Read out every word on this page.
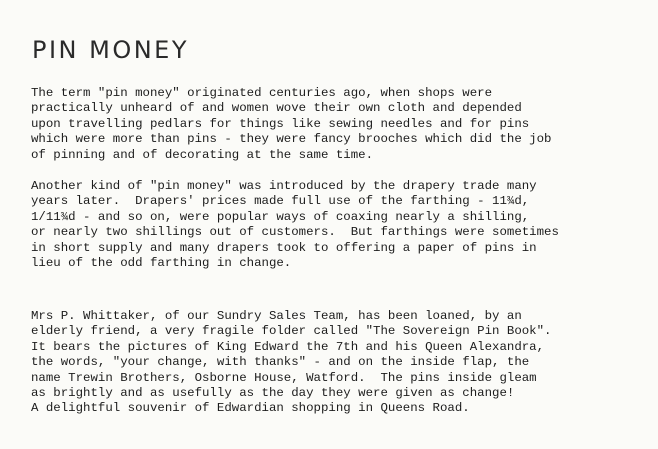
PIN MONEY

The term "pin money" originated centuries ago, when shops were
practically unheard of and women wove their own cloth and depended
upon travelling pedlars for things like sewing needles and for pins
which were more than pins - they were fancy brooches which did the job
of pinning and of decorating at the same time.

Another kind of "pin money" was introduced by the drapery trade many
years later.  Drapers' prices made full use of the farthing - 11¾d,
1/11¾d - and so on, were popular ways of coaxing nearly a shilling,
or nearly two shillings out of customers.  But farthings were sometimes
in short supply and many drapers took to offering a paper of pins in
lieu of the odd farthing in change.

Mrs P. Whittaker, of our Sundry Sales Team, has been loaned, by an
elderly friend, a very fragile folder called "The Sovereign Pin Book".
It bears the pictures of King Edward the 7th and his Queen Alexandra,
the words, "your change, with thanks" - and on the inside flap, the
name Trewin Brothers, Osborne House, Watford.  The pins inside gleam
as brightly and as usefully as the day they were given as change!
A delightful souvenir of Edwardian shopping in Queens Road.
